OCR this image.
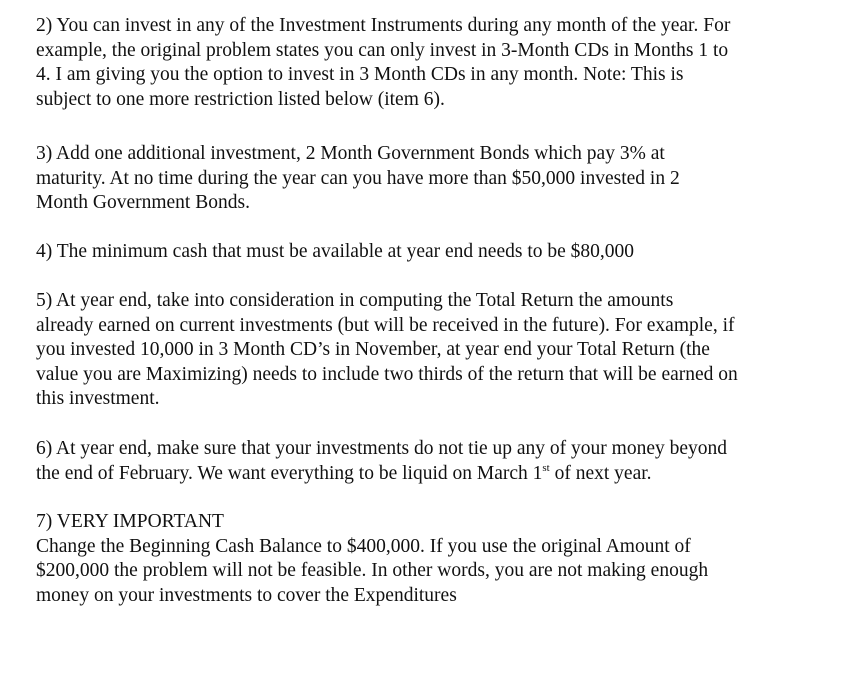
2) You can invest in any of the Investment Instruments during any month of the year. For
example, the original problem states you can only invest in 3-Month CDs in Months 1 to
4. I am giving you the option to invest in 3 Month CDs in any month. Note: This is
subject to one more restriction listed below (item 6).
3) Add one additional investment, 2 Month Government Bonds which pay 3% at
maturity. At no time during the year can you have more than $50,000 invested in 2
Month Government Bonds.
4) The minimum cash that must be available at year end needs to be $80,000
5) At year end, take into consideration in computing the Total Return the amounts
already earned on current investments (but will be received in the future). For example, if
you invested 10,000 in 3 Month CD’s in November, at year end your Total Return (the
value you are Maximizing) needs to include two thirds of the return that will be earned on
this investment.
6) At year end, make sure that your investments do not tie up any of your money beyond
the end of February. We want everything to be liquid on March 1st of next year.
7) VERY IMPORTANT
Change the Beginning Cash Balance to $400,000. If you use the original Amount of
$200,000 the problem will not be feasible. In other words, you are not making enough
money on your investments to cover the Expenditures
